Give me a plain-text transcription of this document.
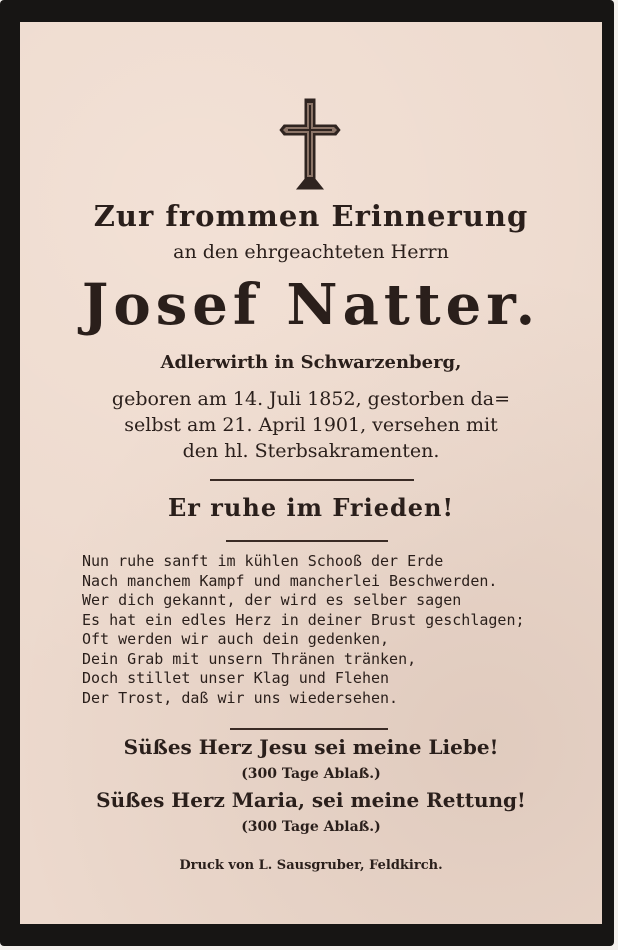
Zur frommen Erinnerung
an den ehrgeachteten Herrn
Josef Natter.
Adlerwirth in Schwarzenberg,
geboren am 14. Juli 1852, gestorben da=
selbst am 21. April 1901, versehen mit
den hl. Sterbsakramenten.
Er ruhe im Frieden!
Nun ruhe sanft im kühlen Schooß der Erde
Nach manchem Kampf und mancherlei Beschwerden.
Wer dich gekannt, der wird es selber sagen
Es hat ein edles Herz in deiner Brust geschlagen;
Oft werden wir auch dein gedenken,
Dein Grab mit unsern Thränen tränken,
Doch stillet unser Klag und Flehen
Der Trost, daß wir uns wiedersehen.
Süßes Herz Jesu sei meine Liebe!
(300 Tage Ablaß.)
Süßes Herz Maria, sei meine Rettung!
(300 Tage Ablaß.)
Druck von L. Sausgruber, Feldkirch.
